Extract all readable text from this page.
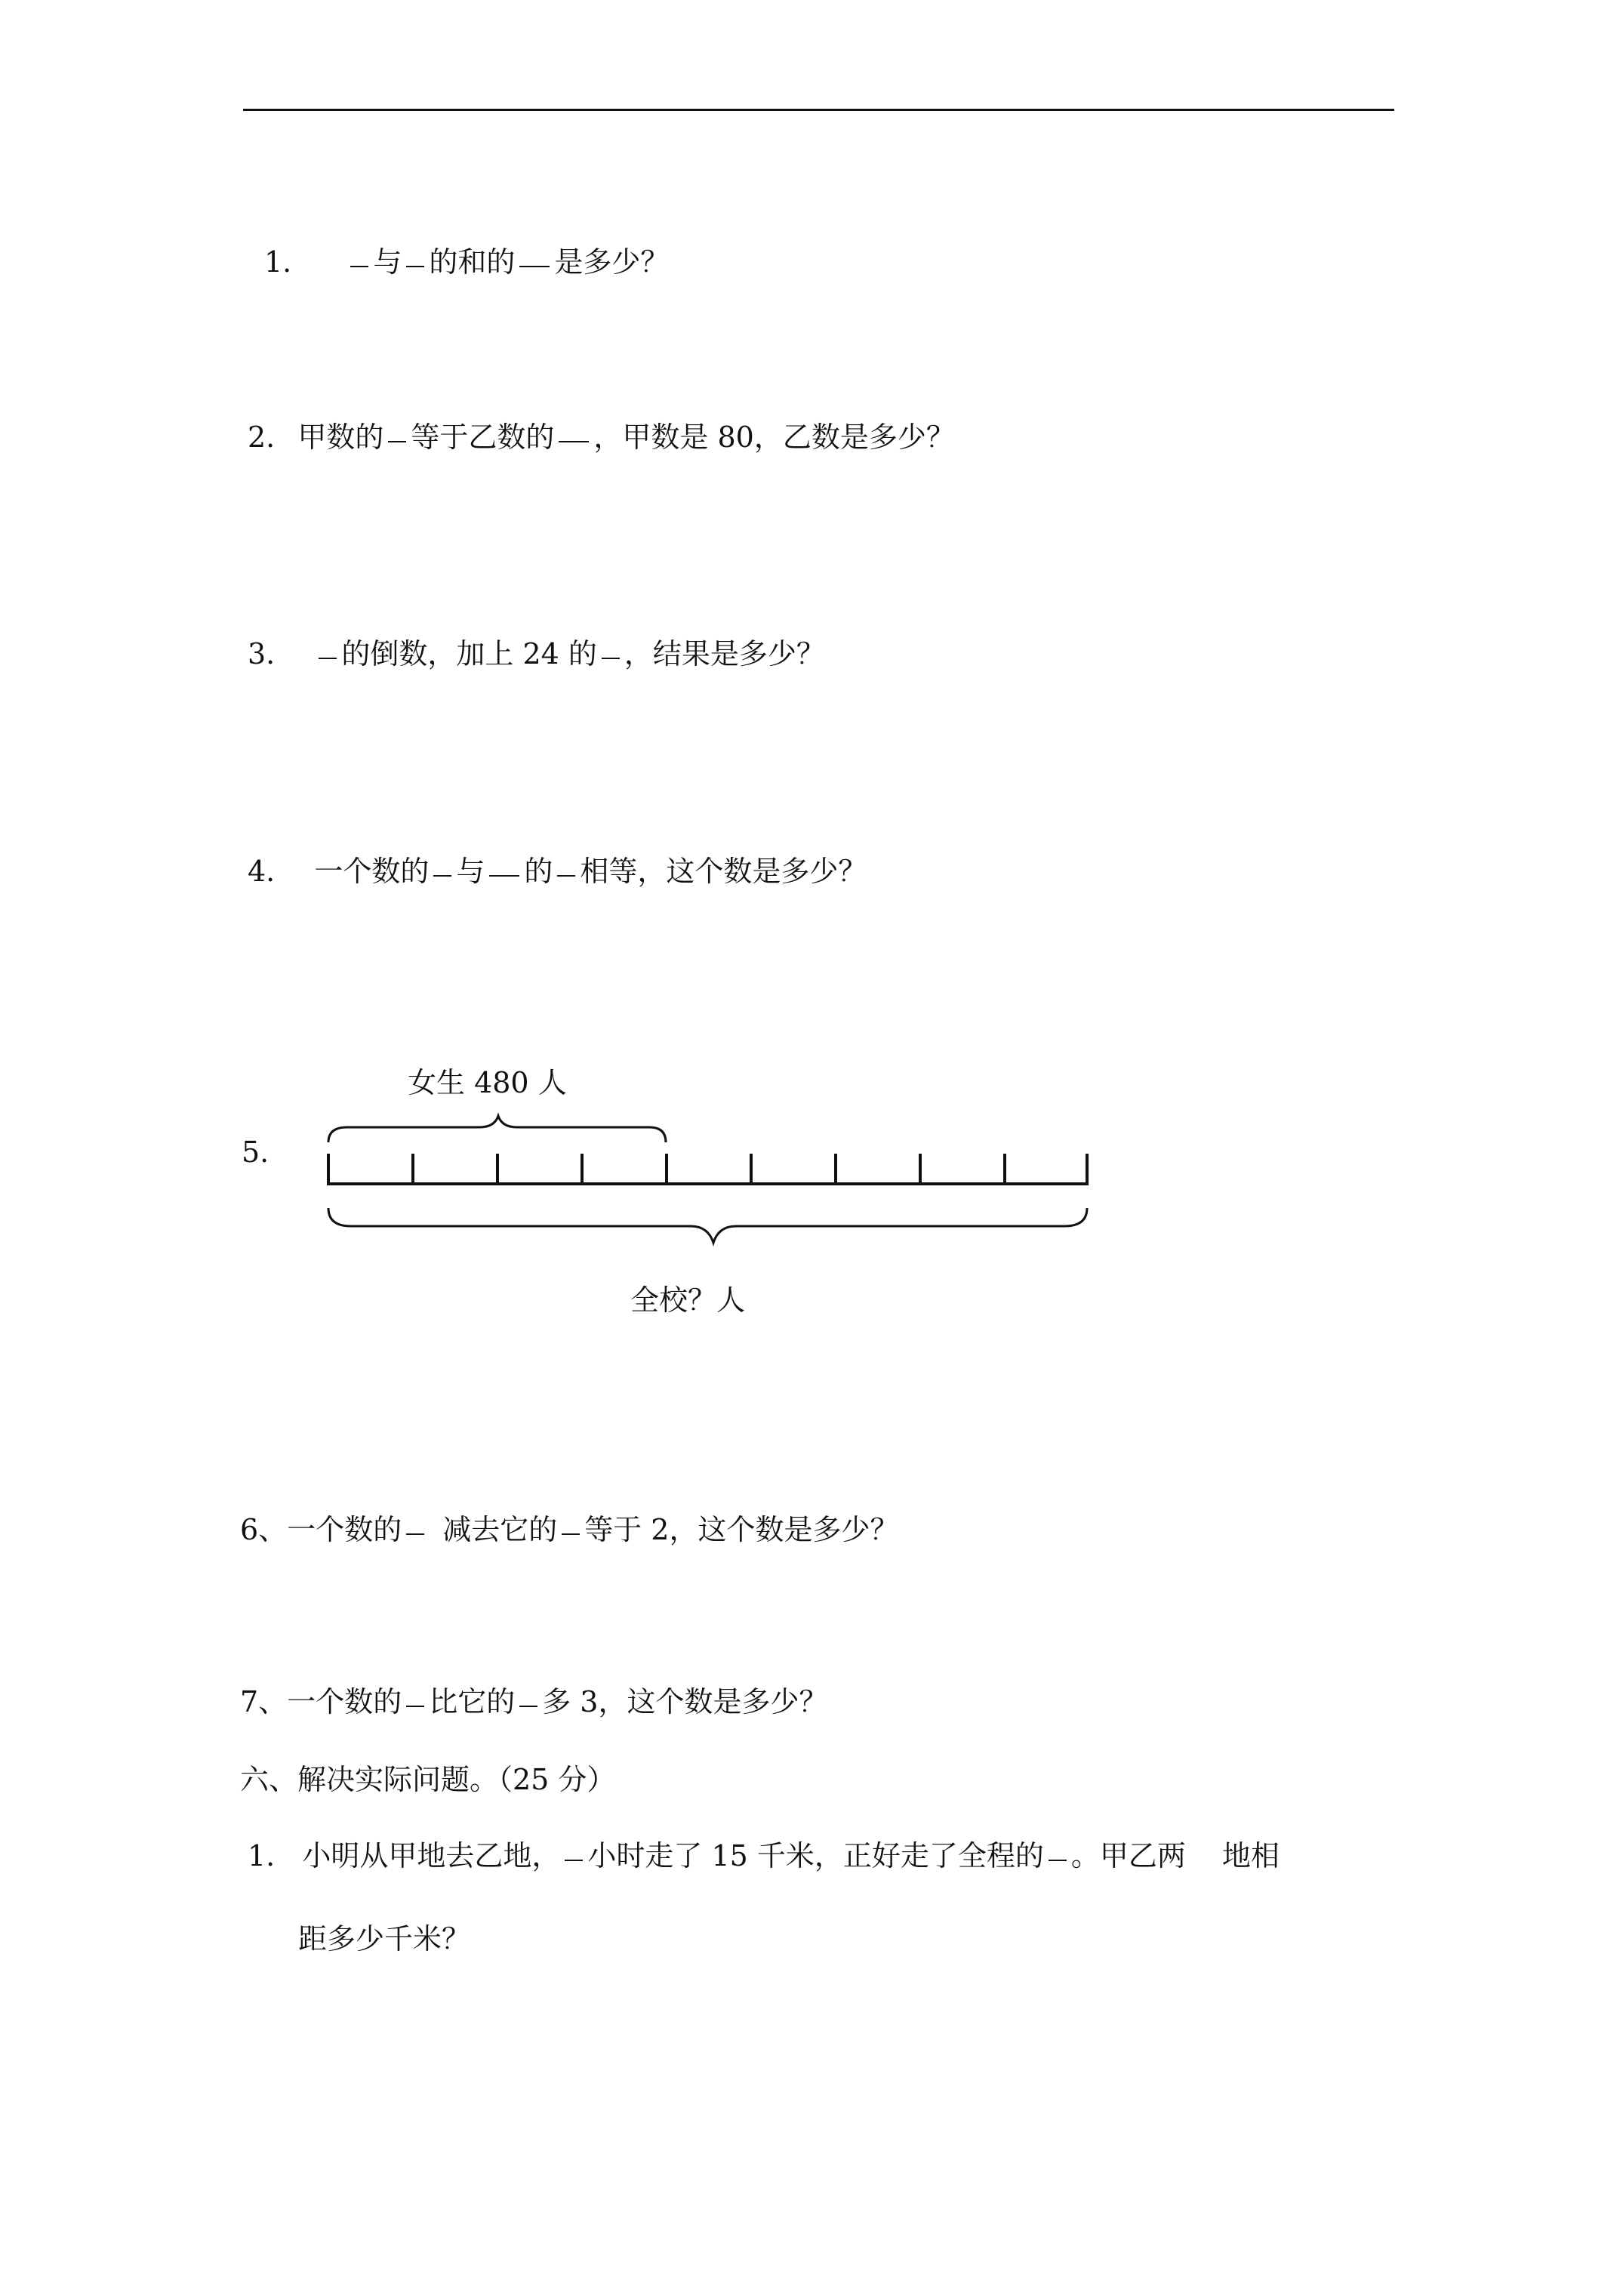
1.	与 的和的 是多少？
2. 甲数的 等于乙数的 ，甲数是 80，乙数是多少？
3. 的倒数，加上 24 的 ，结果是多少？
4. 一个数的 与 的 相等，这个数是多少？
5.
女生 480 人
全校？人
6、一个数的 减去它的 等于 2，这个数是多少？
7、一个数的 比它的 多 3，这个数是多少？
六、解决实际问题。（25 分）
1. 小明从甲地去乙地， 小时走了 15 千米，正好走了全程的 。甲乙两 地相
距多少千米？
